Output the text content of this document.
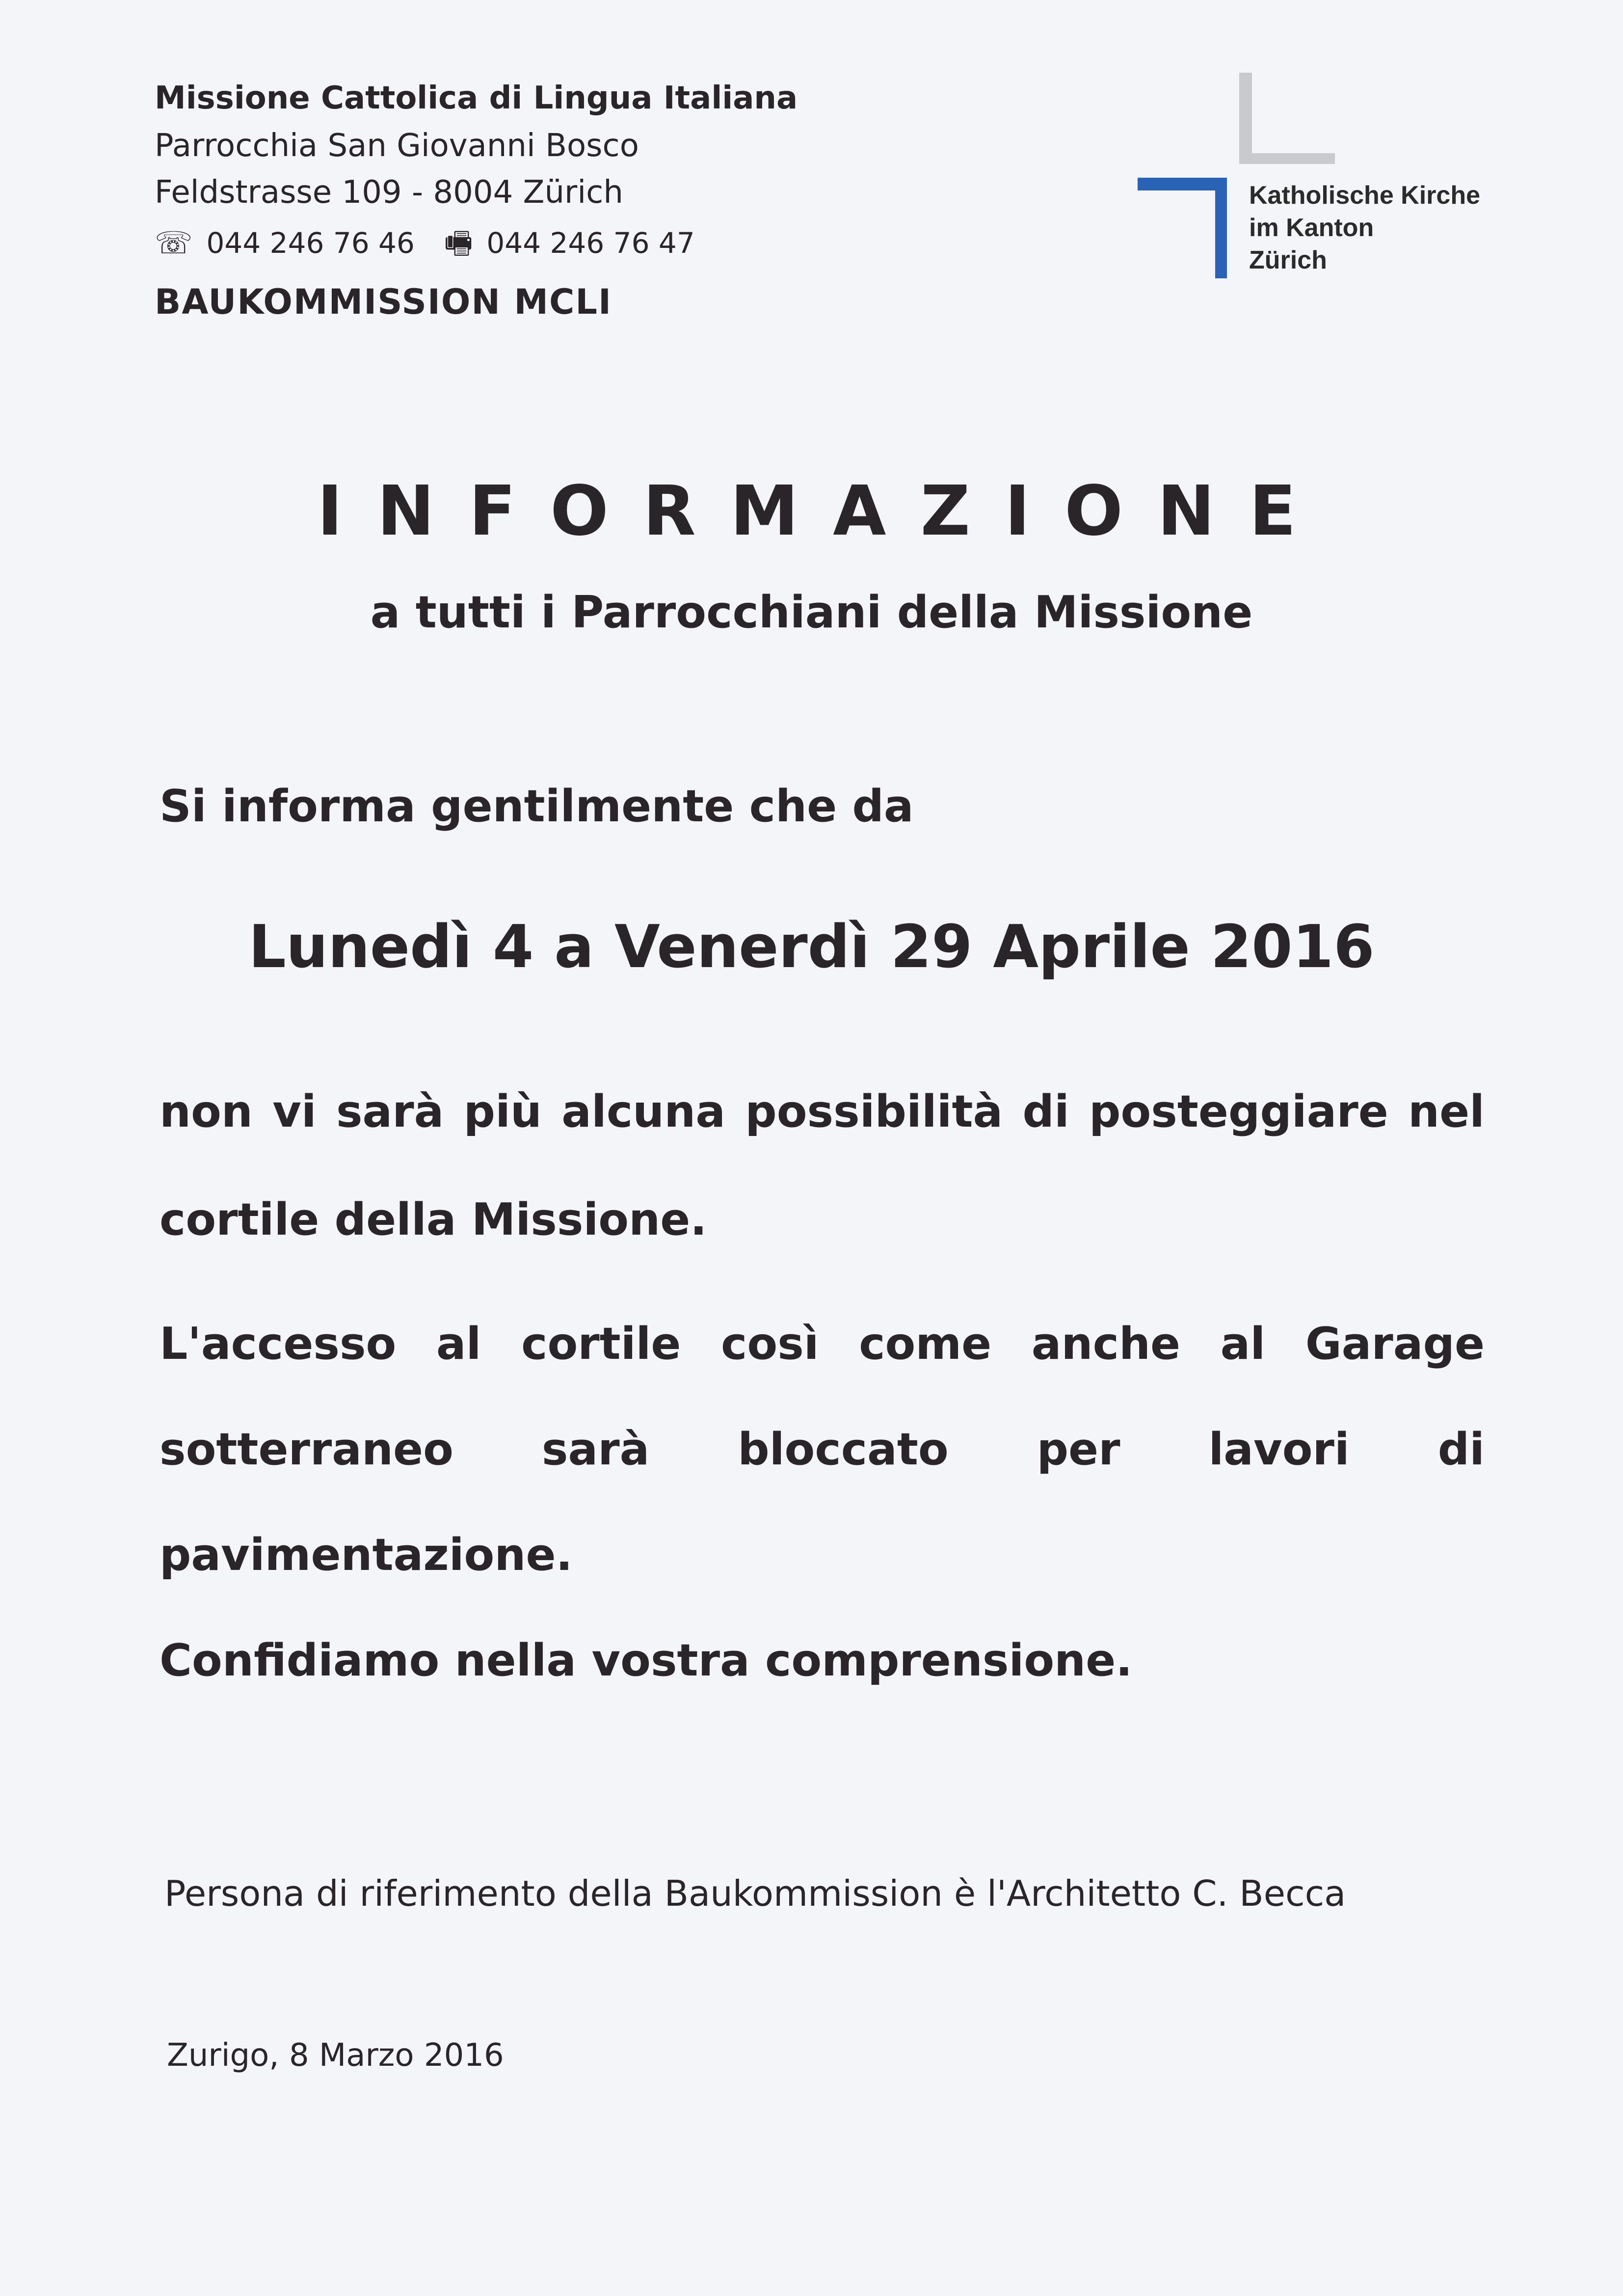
Missione Cattolica di Lingua Italiana
Parrocchia San Giovanni Bosco
Feldstrasse 109 - 8004 Zürich
☏ 044 246 76 46 🖷 044 246 76 47
BAUKOMMISSION MCLI
Katholische Kirche
im Kanton
Zürich
INFORMAZIONE
a tutti i Parrocchiani della Missione
Si informa gentilmente che da
Lunedì 4 a Venerdì 29 Aprile 2016
non vi sarà più alcuna possibilità di posteggiare nel cortile della Missione.
L'accesso al cortile così come anche al Garage sotterraneo sarà bloccato per lavori di pavimentazione.
Confidiamo nella vostra comprensione.
Persona di riferimento della Baukommission è l'Architetto C. Becca
Zurigo, 8 Marzo 2016
